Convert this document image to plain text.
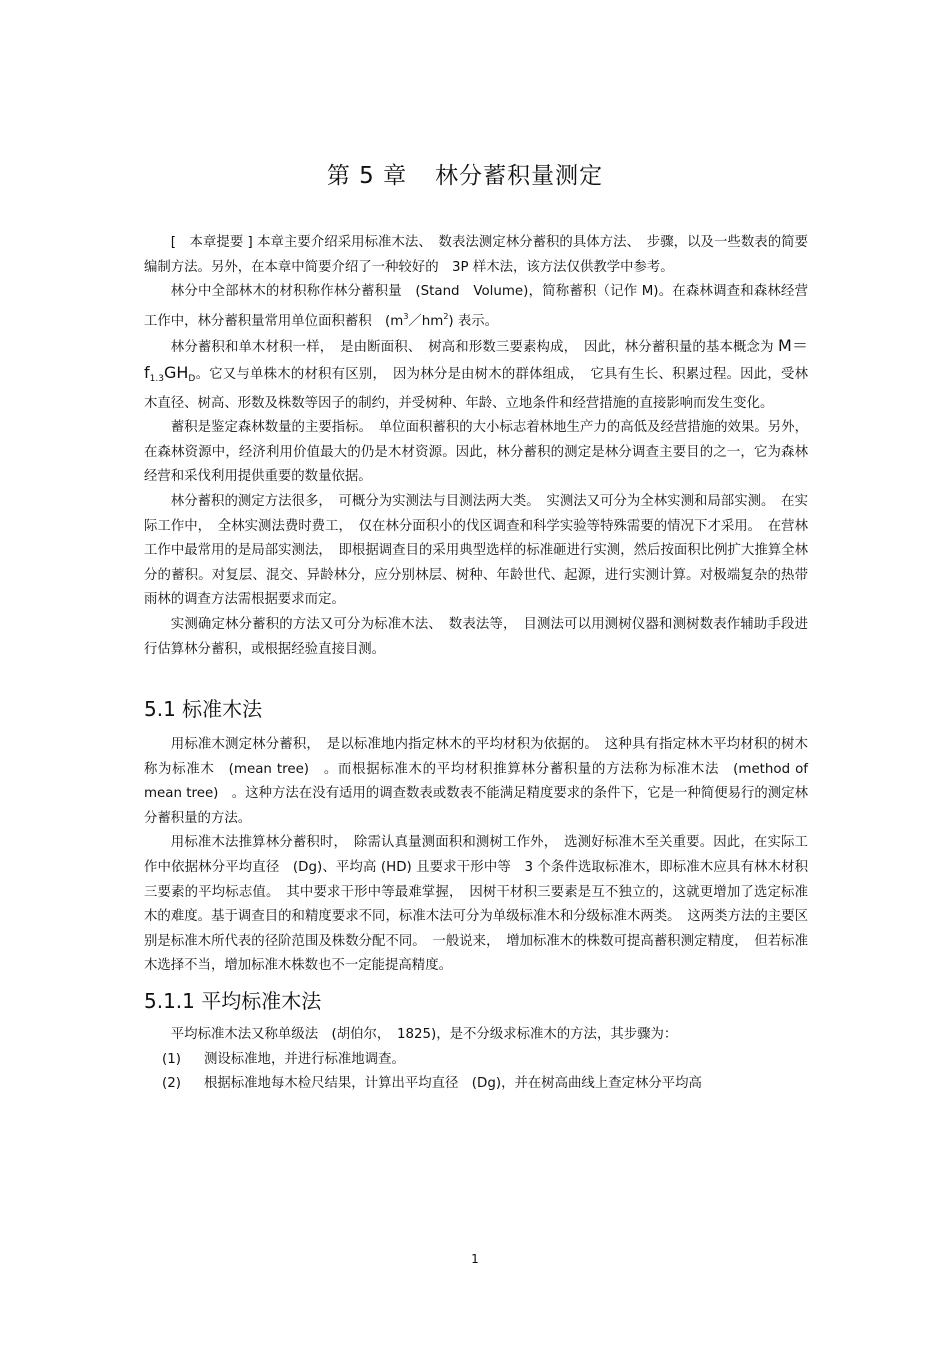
第 5 章 林分蓄积量测定

[　本章提要 ] 本章主要介绍采用标准木法、　数表法测定林分蓄积的具体方法、　步骤，以及一些数表的简要编制方法。另外，在本章中简要介绍了一种较好的　3P 样木法，该方法仅供教学中参考。

林分中全部林木的材积称作林分蓄积量　(Stand　Volume)，简称蓄积（记作 M)。在森林调查和森林经营工作中，林分蓄积量常用单位面积蓄积　$(m^3/hm^2)$ 表示。

林分蓄积和单木材积一样，　是由断面积、　树高和形数三要素构成，　因此，林分蓄积量的基本概念为 $M=f_{1.3}GH_D$。它又与单株木的材积有区别，　因为林分是由树木的群体组成，　它具有生长、积累过程。因此，受林木直径、树高、形数及株数等因子的制约，并受树种、年龄、立地条件和经营措施的直接影响而发生变化。

蓄积是鉴定森林数量的主要指标。　单位面积蓄积的大小标志着林地生产力的高低及经营措施的效果。另外，在森林资源中，经济利用价值最大的仍是木材资源。因此，林分蓄积的测定是林分调查主要目的之一，它为森林经营和采伐利用提供重要的数量依据。

林分蓄积的测定方法很多，　可概分为实测法与目测法两大类。　实测法又可分为全林实测和局部实测。　在实际工作中，　全林实测法费时费工，　仅在林分面积小的伐区调查和科学实验等特殊需要的情况下才采用。　在营林工作中最常用的是局部实测法，　即根据调查目的采用典型选样的标准砸进行实测，然后按面积比例扩大推算全林分的蓄积。对复层、混交、异龄林分，应分别林层、树种、年龄世代、起源，进行实测计算。对极端复杂的热带雨林的调查方法需根据要求而定。

实测确定林分蓄积的方法又可分为标准木法、　数表法等，　目测法可以用测树仪器和测树数表作辅助手段进行估算林分蓄积，或根据经验直接目测。

5.1 标准木法

用标准木测定林分蓄积，　是以标准地内指定林木的平均材积为依据的。　这种具有指定林木平均材积的树木称为标准木　(mean tree)　。而根据标准木的平均材积推算林分蓄积量的方法称为标准木法　(method of mean tree)　。这种方法在没有适用的调查数表或数表不能满足精度要求的条件下，它是一种简便易行的测定林分蓄积量的方法。

用标准木法推算林分蓄积时，　除需认真量测面积和测树工作外，　选测好标准木至关重要。因此，在实际工作中依据林分平均直径　(Dg)、平均高 (HD) 且要求干形中等　3 个条件选取标准木，即标准木应具有林木材积三要素的平均标志值。　其中要求干形中等最难掌握，　因树干材积三要素是互不独立的，这就更增加了选定标准木的难度。基于调查目的和精度要求不同，标准木法可分为单级标准木和分级标准木两类。　这两类方法的主要区别是标准木所代表的径阶范围及株数分配不同。　一般说来，　增加标准木的株数可提高蓄积测定精度，　但若标准木选择不当，增加标准木株数也不一定能提高精度。

5.1.1 平均标准木法

平均标准木法又称单级法　(胡伯尔，　1825)，是不分级求标准木的方法，其步骤为：

(1) 测设标准地，并进行标准地调查。

(2) 根据标准地每木检尺结果，计算出平均直径　(Dg)，并在树高曲线上查定林分平均高

1
